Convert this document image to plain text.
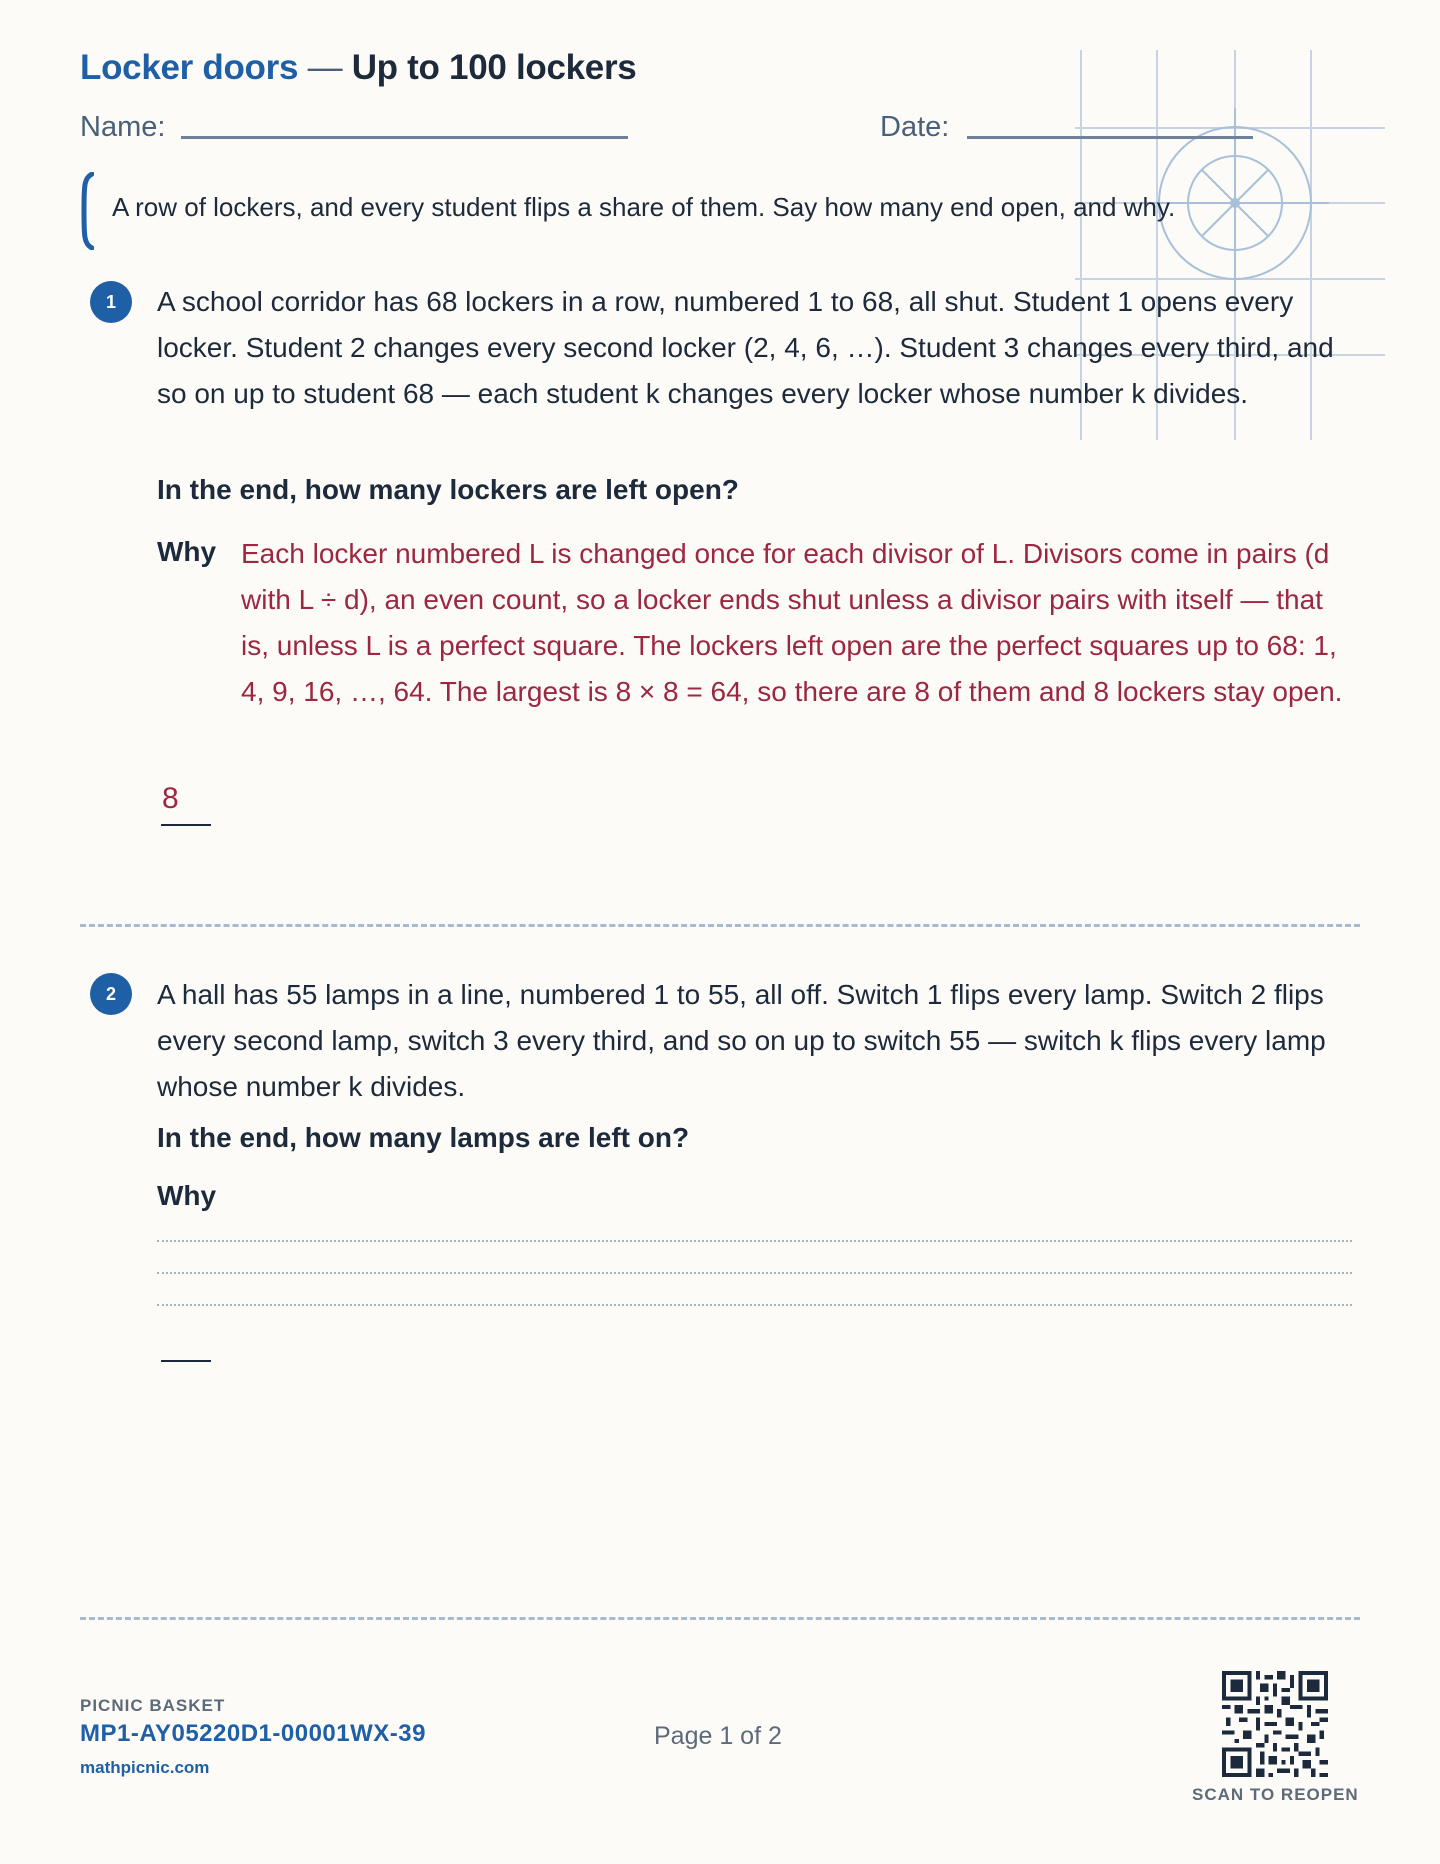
Locker doors — Up to 100 lockers
Name:	Date:
A row of lockers, and every student flips a share of them. Say how many end open, and why.
1	A school corridor has 68 lockers in a row, numbered 1 to 68, all shut. Student 1 opens every locker. Student 2 changes every second locker (2, 4, 6, …). Student 3 changes every third, and so on up to student 68 — each student k changes every locker whose number k divides.
In the end, how many lockers are left open?
Why Each locker numbered L is changed once for each divisor of L. Divisors come in pairs (d with L ÷ d), an even count, so a locker ends shut unless a divisor pairs with itself — that is, unless L is a perfect square. The lockers left open are the perfect squares up to 68: 1, 4, 9, 16, …, 64. The largest is 8 × 8 = 64, so there are 8 of them and 8 lockers stay open.
8
2	A hall has 55 lamps in a line, numbered 1 to 55, all off. Switch 1 flips every lamp. Switch 2 flips every second lamp, switch 3 every third, and so on up to switch 55 — switch k flips every lamp whose number k divides.
In the end, how many lamps are left on?
Why
PICNIC BASKET
MP1-AY05220D1-00001WX-39
mathpicnic.com
Page 1 of 2
SCAN TO REOPEN
